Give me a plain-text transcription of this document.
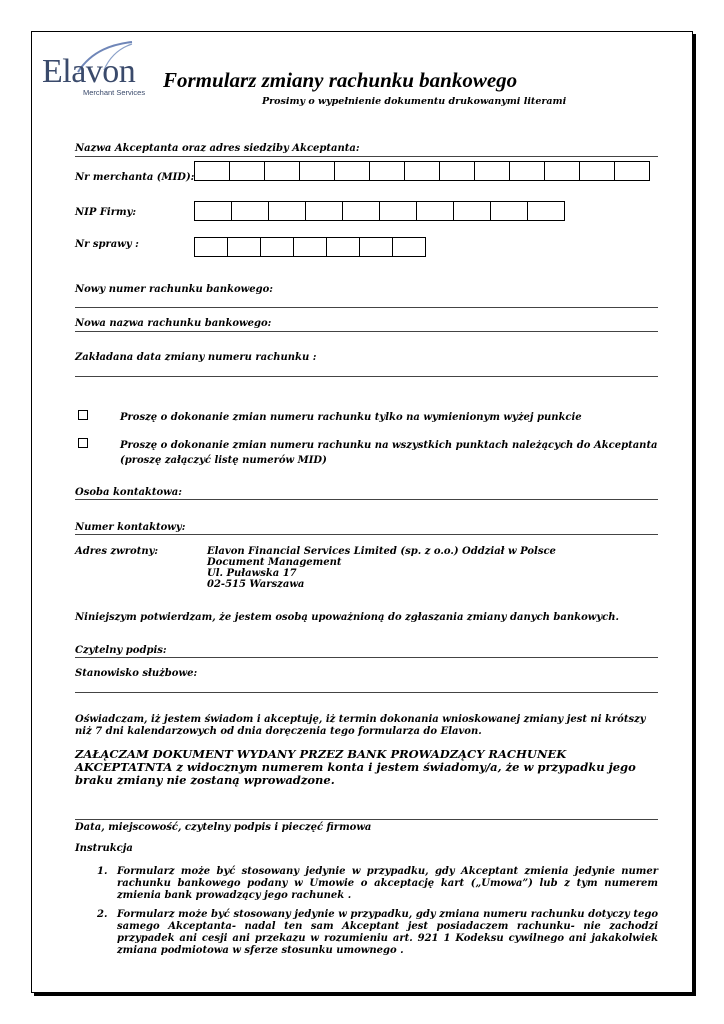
Elavon
Merchant Services
Formularz zmiany rachunku bankowego
Prosimy o wypełnienie dokumentu drukowanymi literami
Nazwa Akceptanta oraz adres siedziby Akceptanta:
Nr merchanta (MID):
NIP Firmy:
Nr sprawy :
Nowy numer rachunku bankowego:
Nowa nazwa rachunku bankowego:
Zakładana data zmiany numeru rachunku :
Proszę o dokonanie zmian numeru rachunku tylko na wymienionym wyżej punkcie
Proszę o dokonanie zmian numeru rachunku na wszystkich punktach należących do Akceptanta
(proszę załączyć listę numerów MID)
Osoba kontaktowa:
Numer kontaktowy:
Adres zwrotny:	Elavon Financial Services Limited (sp. z o.o.) Oddział w Polsce
Document Management
Ul. Puławska 17
02-515 Warszawa
Niniejszym potwierdzam, że jestem osobą upoważnioną do zgłaszania zmiany danych bankowych.
Czytelny podpis:
Stanowisko służbowe:
Oświadczam, iż jestem świadom i akceptuję, iż termin dokonania wnioskowanej zmiany jest ni krótszy niż 7 dni kalendarzowych od dnia doręczenia tego formularza do Elavon.
ZAŁĄCZAM DOKUMENT WYDANY PRZEZ BANK PROWADZĄCY RACHUNEK AKCEPTATNTA z widocznym numerem konta i jestem świadomy/a, że w przypadku jego braku zmiany nie zostaną wprowadzone.
Data, miejscowość, czytelny podpis i pieczęć firmowa
Instrukcja
1. Formularz może być stosowany jedynie w przypadku, gdy Akceptant zmienia jedynie numer rachunku bankowego podany w Umowie o akceptację kart („Umowa”) lub z tym numerem zmienia bank prowadzący jego rachunek .
2. Formularz może być stosowany jedynie w przypadku, gdy zmiana numeru rachunku dotyczy tego samego Akceptanta- nadal ten sam Akceptant jest posiadaczem rachunku- nie zachodzi przypadek ani cesji ani przekazu w rozumieniu art. 921 1 Kodeksu cywilnego ani jakakolwiek zmiana podmiotowa w sferze stosunku umownego .
